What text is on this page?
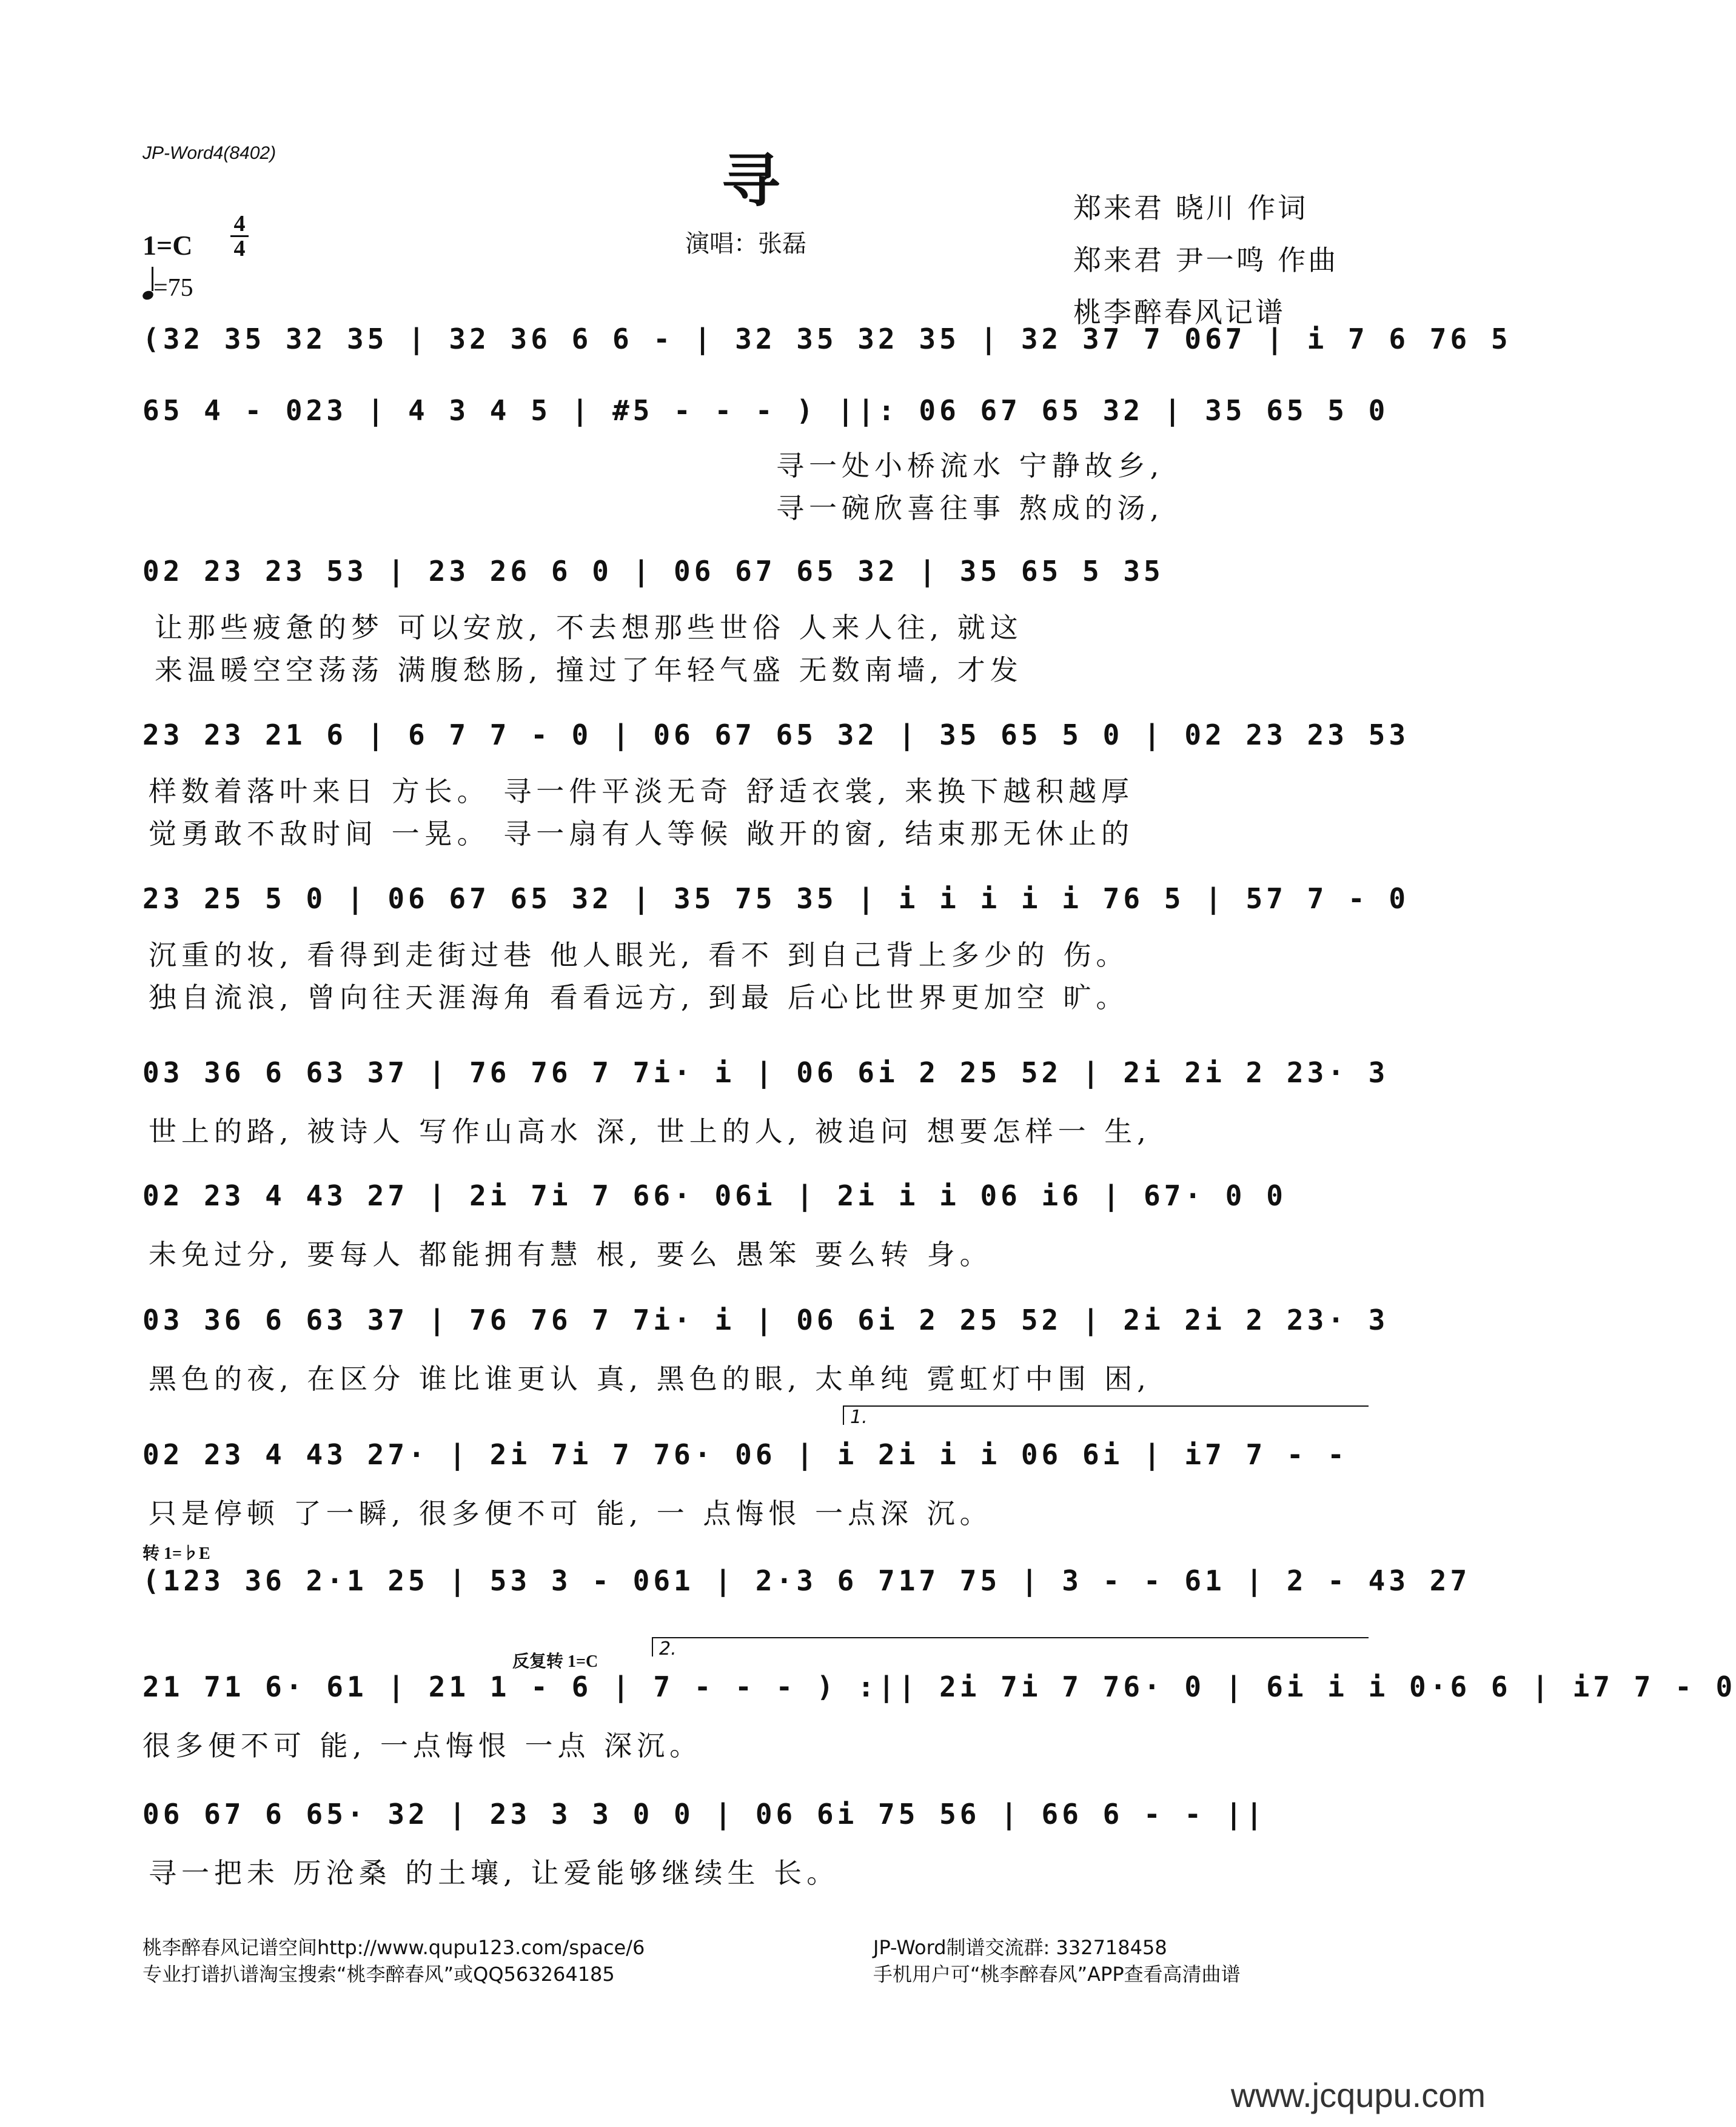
JP-Word4(8402)	寻
演唱：张磊
郑来君 晓川 作词
郑来君 尹一鸣 作曲
桃李醉春风记谱
1=C
4
4
=75
(32 35 32 35 | 32 36 6 6 - | 32 35 32 35 | 32 37 7 067 | i 7 6 76 5
65 4 - 023 | 4 3 4 5 | #5 - - - ) ||: 06 67 65 32 | 35 65 5 0
寻一处小桥流水 宁静故乡,
寻一碗欣喜往事 熬成的汤,
02 23 23 53 | 23 26 6 0 | 06 67 65 32 | 35 65 5 35
让那些疲惫的梦 可以安放, 不去想那些世俗 人来人往, 就这
来温暖空空荡荡 满腹愁肠, 撞过了年轻气盛 无数南墙, 才发
23 23 21 6 | 6 7 7 - 0 | 06 67 65 32 | 35 65 5 0 | 02 23 23 53
样数着落叶来日 方长。 寻一件平淡无奇 舒适衣裳, 来换下越积越厚
觉勇敢不敌时间 一晃。 寻一扇有人等候 敞开的窗, 结束那无休止的
23 25 5 0 | 06 67 65 32 | 35 75 35 | i i i i i 76 5 | 57 7 - 0
沉重的妆, 看得到走街过巷 他人眼光, 看不 到自己背上多少的 伤。
独自流浪, 曾向往天涯海角 看看远方, 到最 后心比世界更加空 旷。
03 36 6 63 37 | 76 76 7 7i· i | 06 6i 2 25 52 | 2i 2i 2 23· 3
世上的路, 被诗人 写作山高水 深, 世上的人, 被追问 想要怎样一 生,
02 23 4 43 27 | 2i 7i 7 66· 06i | 2i i i 06 i6 | 67· 0 0
未免过分, 要每人 都能拥有慧 根, 要么 愚笨 要么转 身。
03 36 6 63 37 | 76 76 7 7i· i | 06 6i 2 25 52 | 2i 2i 2 23· 3
黑色的夜, 在区分 谁比谁更认 真, 黑色的眼, 太单纯 霓虹灯中围 困,
1.
02 23 4 43 27· | 2i 7i 7 76· 06 | i 2i i i 06 6i | i7 7 - -
只是停顿 了一瞬, 很多便不可 能, 一 点悔恨 一点深 沉。
转 1=♭E
(123 36 2·1 25 | 53 3 - 061 | 2·3 6 717 75 | 3 - - 61 | 2 - 43 27
反复转 1=C
2.
21 71 6· 61 | 21 1 - 6 | 7 - - - ) :|| 2i 7i 7 76· 0 | 6i i i 0·6 6 | i7 7 - 0
很多便不可 能, 一点悔恨 一点 深沉。
06 67 6 65· 32 | 23 3 3 0 0 | 06 6i 75 56 | 66 6 - - ||
寻一把未 历沧桑 的土壤, 让爱能够继续生 长。
桃李醉春风记谱空间http://www.qupu123.com/space/6
专业打谱扒谱淘宝搜索“桃李醉春风”或QQ563264185
JP-Word制谱交流群: 332718458
手机用户可“桃李醉春风”APP查看高清曲谱
www.jcqupu.com
